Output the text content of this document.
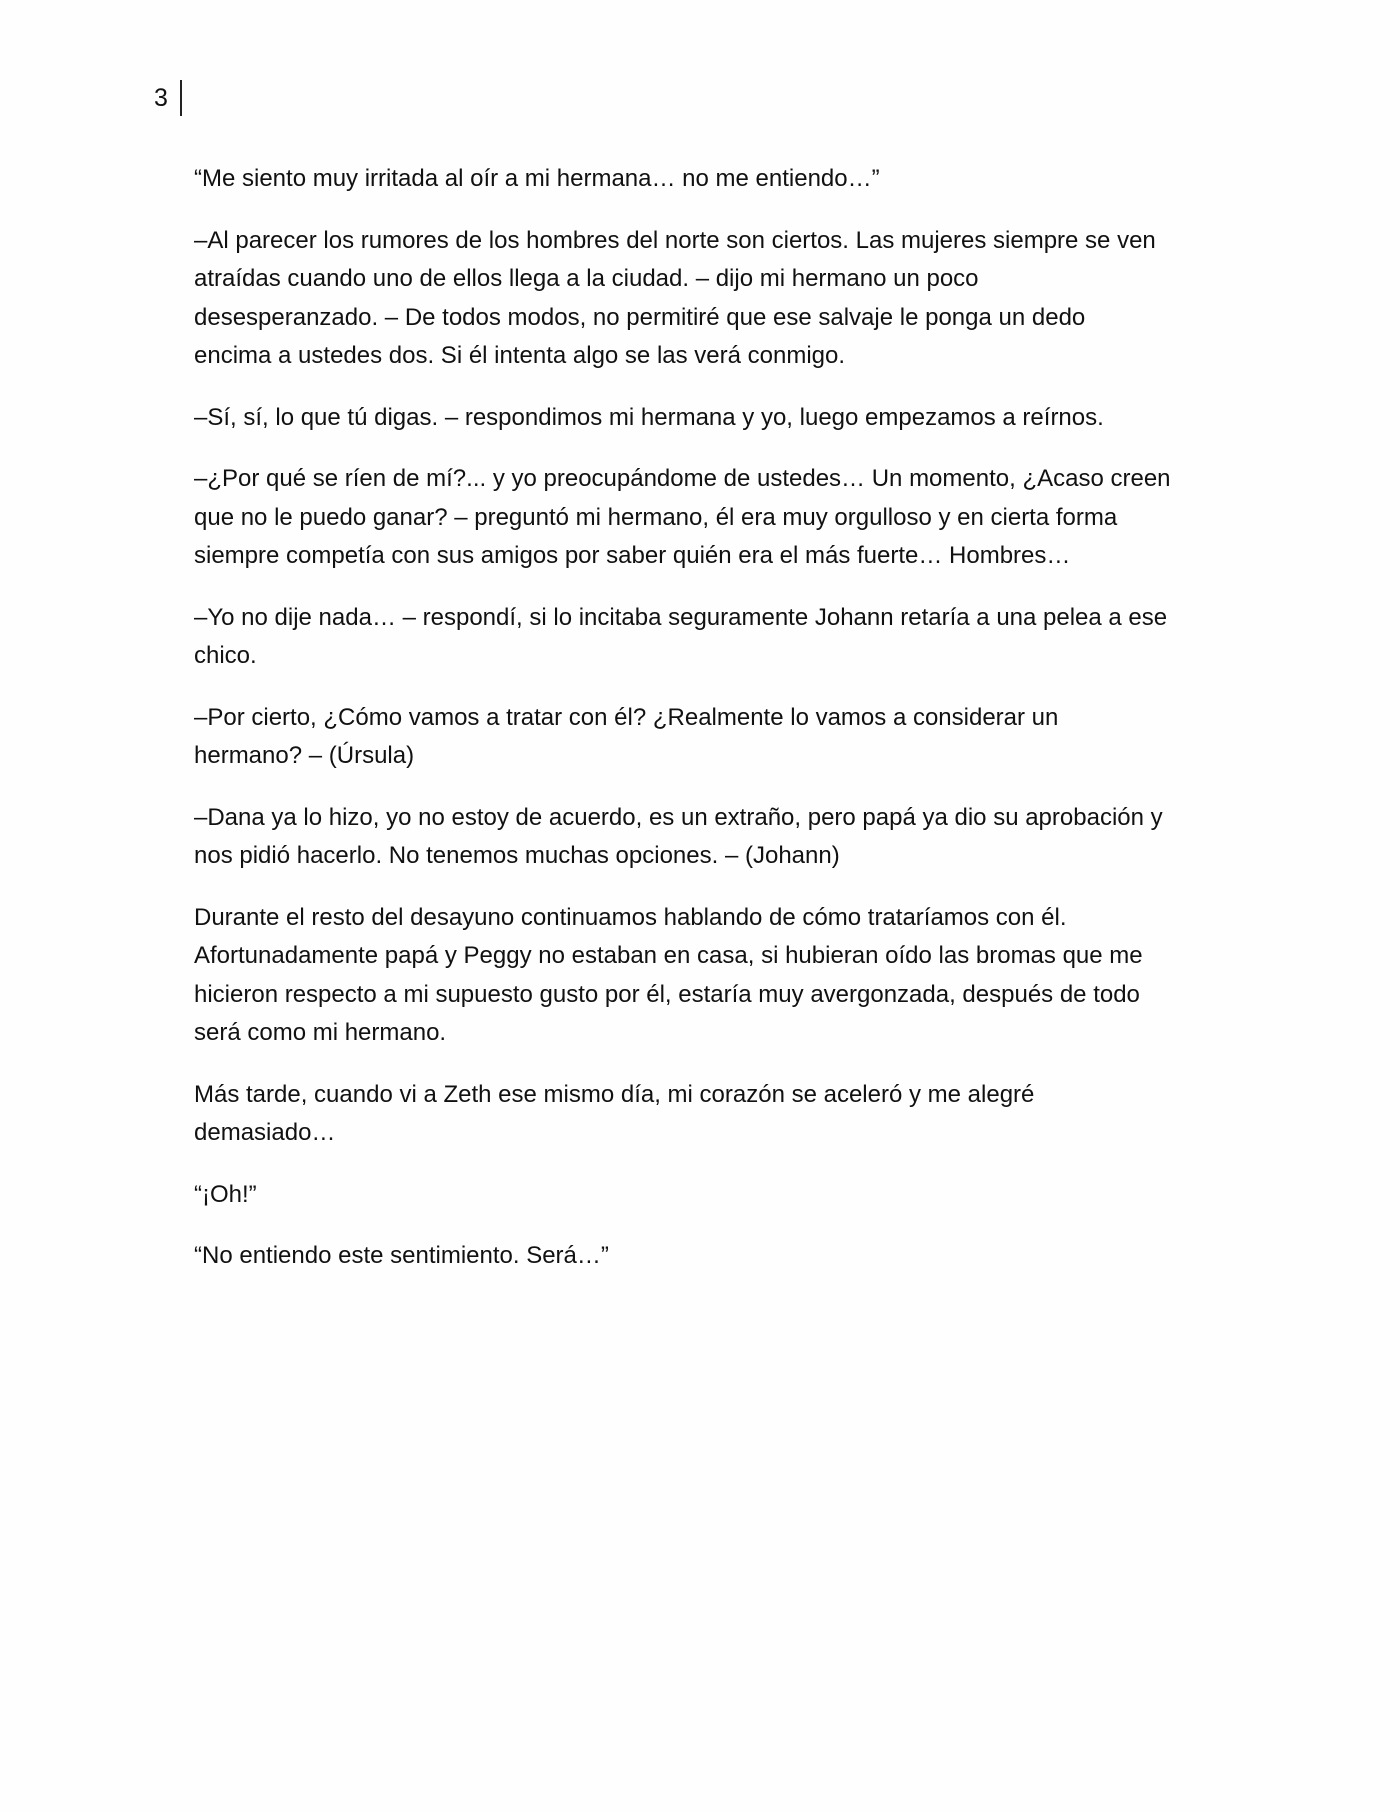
3

“Me siento muy irritada al oír a mi hermana… no me entiendo…”

–Al parecer los rumores de los hombres del norte son ciertos. Las mujeres siempre se ven
atraídas cuando uno de ellos llega a la ciudad. – dijo mi hermano un poco
desesperanzado. – De todos modos, no permitiré que ese salvaje le ponga un dedo
encima a ustedes dos. Si él intenta algo se las verá conmigo.

–Sí, sí, lo que tú digas. – respondimos mi hermana y yo, luego empezamos a reírnos.

–¿Por qué se ríen de mí?... y yo preocupándome de ustedes… Un momento, ¿Acaso creen
que no le puedo ganar? – preguntó mi hermano, él era muy orgulloso y en cierta forma
siempre competía con sus amigos por saber quién era el más fuerte… Hombres…

–Yo no dije nada… – respondí, si lo incitaba seguramente Johann retaría a una pelea a ese
chico.

–Por cierto, ¿Cómo vamos a tratar con él? ¿Realmente lo vamos a considerar un
hermano? – (Úrsula)

–Dana ya lo hizo, yo no estoy de acuerdo, es un extraño, pero papá ya dio su aprobación y
nos pidió hacerlo. No tenemos muchas opciones. – (Johann)

Durante el resto del desayuno continuamos hablando de cómo trataríamos con él.
Afortunadamente papá y Peggy no estaban en casa, si hubieran oído las bromas que me
hicieron respecto a mi supuesto gusto por él, estaría muy avergonzada, después de todo
será como mi hermano.

Más tarde, cuando vi a Zeth ese mismo día, mi corazón se aceleró y me alegré
demasiado…

“¡Oh!”

“No entiendo este sentimiento. Será…”
